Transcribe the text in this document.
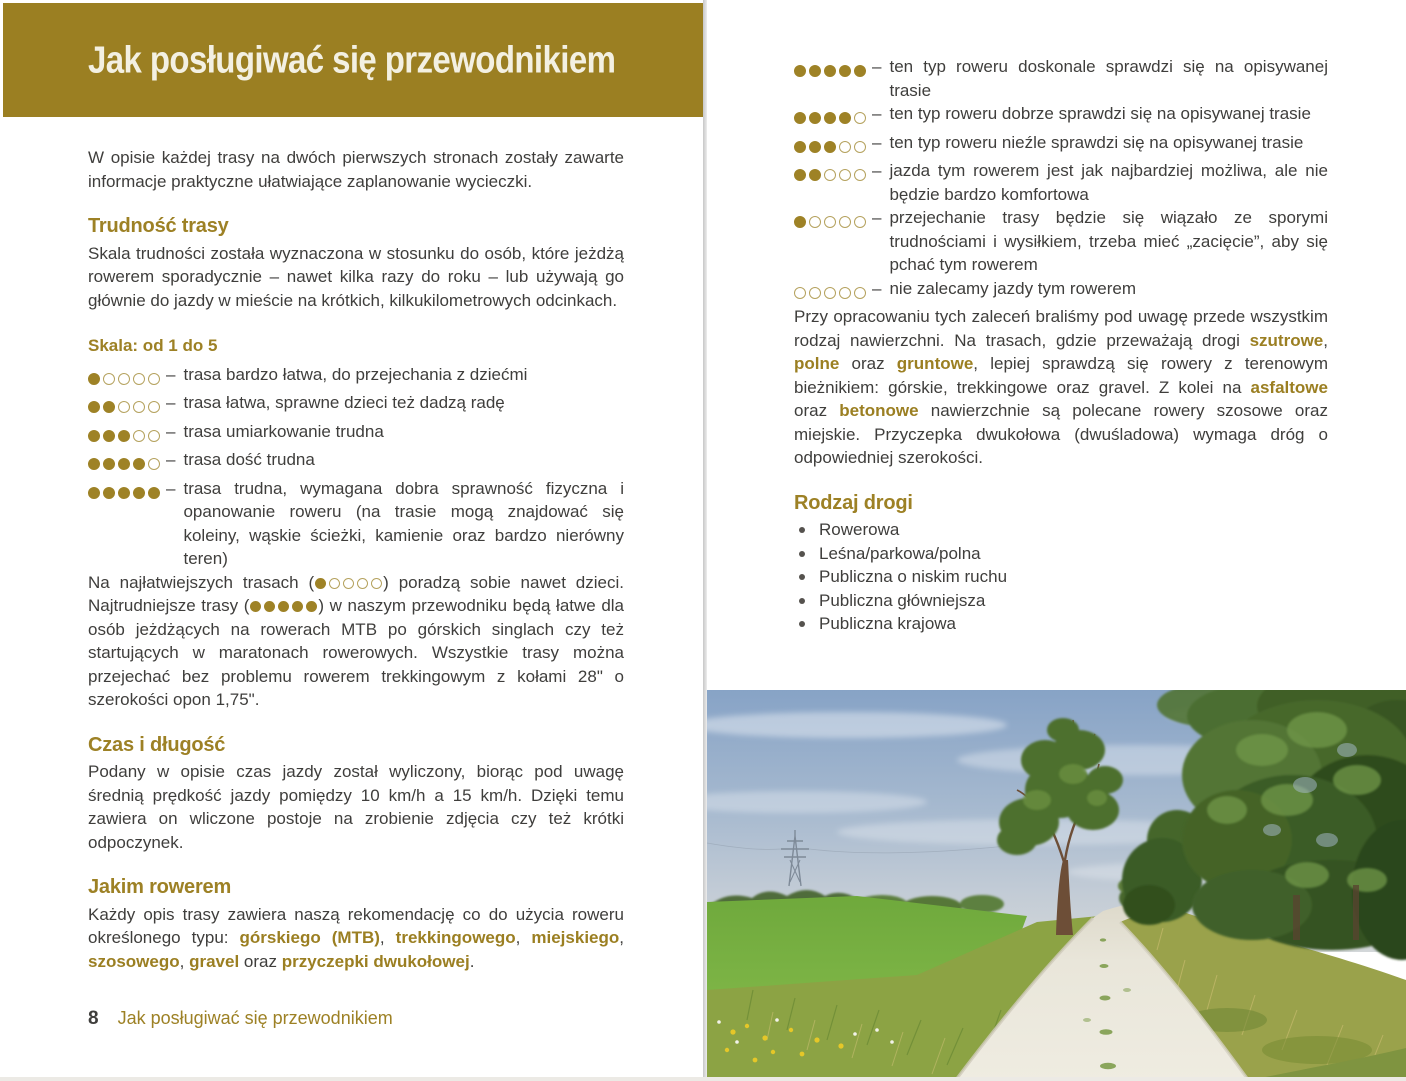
Jak posługiwać się przewodnikiem

W opisie każdej trasy na dwóch pierwszych stronach zostały zawarte informacje praktyczne ułatwiające zaplanowanie wycieczki.

Trudność trasy

Skala trudności została wyznaczona w stosunku do osób, które jeżdżą rowerem sporadycznie – nawet kilka razy do roku – lub używają go głównie do jazdy w mieście na krótkich, kilkukilometrowych odcinkach.

Skala: od 1 do 5
– trasa bardzo łatwa, do przejechania z dziećmi
– trasa łatwa, sprawne dzieci też dadzą radę
– trasa umiarkowanie trudna
– trasa dość trudna
– trasa trudna, wymagana dobra sprawność fizyczna i opanowanie roweru (na trasie mogą znajdować się koleiny, wąskie ścieżki, kamienie oraz bardzo nierówny teren)

Na najłatwiejszych trasach (	) poradzą sobie nawet dzieci. Najtrudniejsze trasy (	) w naszym przewodniku będą łatwe dla osób jeżdżących na rowerach MTB po górskich singlach czy też startujących w maratonach rowerowych. Wszystkie trasy można przejechać bez problemu rowerem trekkingowym z kołami 28" o szerokości opon 1,75".

Czas i długość

Podany w opisie czas jazdy został wyliczony, biorąc pod uwagę średnią prędkość jazdy pomiędzy 10 km/h a 15 km/h. Dzięki temu zawiera on wliczone postoje na zrobienie zdjęcia czy też krótki odpoczynek.

Jakim rowerem

Każdy opis trasy zawiera naszą rekomendację co do użycia roweru określonego typu: górskiego (MTB), trekkingowego, miejskiego, szosowego, gravel oraz przyczepki dwukołowej.

8 Jak posługiwać się przewodnikiem
– ten typ roweru doskonale sprawdzi się na opisywanej trasie
– ten typ roweru dobrze sprawdzi się na opisywanej trasie
– ten typ roweru nieźle sprawdzi się na opisywanej trasie
– jazda tym rowerem jest jak najbardziej możliwa, ale nie będzie bardzo komfortowa
– przejechanie trasy będzie się wiązało ze sporymi trudnościami i wysiłkiem, trzeba mieć „zacięcie”, aby się pchać tym rowerem
– nie zalecamy jazdy tym rowerem

Przy opracowaniu tych zaleceń braliśmy pod uwagę przede wszystkim rodzaj nawierzchni. Na trasach, gdzie przeważają drogi szutrowe, polne oraz gruntowe, lepiej sprawdzą się rowery z terenowym bieżnikiem: górskie, trekkingowe oraz gravel. Z kolei na asfaltowe oraz betonowe nawierzchnie są polecane rowery szosowe oraz miejskie. Przyczepka dwukołowa (dwuśladowa) wymaga dróg o odpowiedniej szerokości.

Rodzaj drogi
Rowerowa
Leśna/parkowa/polna
Publiczna o niskim ruchu
Publiczna główniejsza
Publiczna krajowa
